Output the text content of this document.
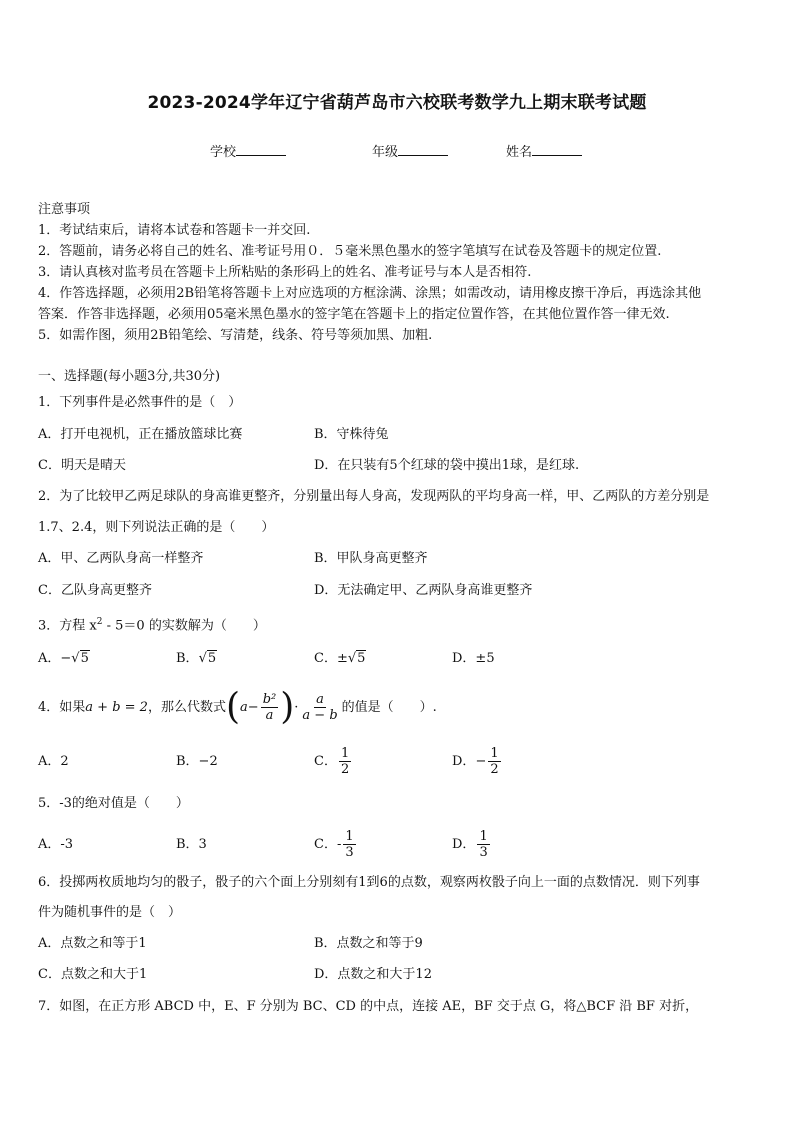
2023-2024学年辽宁省葫芦岛市六校联考数学九上期末联考试题
学校	年级	姓名
注意事项
1．考试结束后，请将本试卷和答题卡一并交回.
2．答题前，请务必将自己的姓名、准考证号用０．５毫米黑色墨水的签字笔填写在试卷及答题卡的规定位置.
3．请认真核对监考员在答题卡上所粘贴的条形码上的姓名、准考证号与本人是否相符.
4．作答选择题，必须用2B铅笔将答题卡上对应选项的方框涂满、涂黑；如需改动，请用橡皮擦干净后，再选涂其他
答案．作答非选择题，必须用05毫米黑色墨水的签字笔在答题卡上的指定位置作答，在其他位置作答一律无效.
5．如需作图，须用2B铅笔绘、写清楚，线条、符号等须加黑、加粗.
一、选择题(每小题3分,共30分)
1．下列事件是必然事件的是（　）
A．打开电视机，正在播放篮球比赛	B．守株待兔
C．明天是晴天	D．在只装有5个红球的袋中摸出1球，是红球.
2．为了比较甲乙两足球队的身高谁更整齐，分别量出每人身高，发现两队的平均身高一样，甲、乙两队的方差分别是
1.7、2.4，则下列说法正确的是（　　）
A．甲、乙两队身高一样整齐	B．甲队身高更整齐
C．乙队身高更整齐	D．无法确定甲、乙两队身高谁更整齐
3．方程 $x^2 - 5=0$ 的实数解为（　　）
A．−√5	B．√5	C．±√5	D．±5
4．如果a + b = 2，那么代数式($a- \frac{\text{b²}}{a}$ )· $\frac{a}{a - b}$ 的值是（　　）.
A．2	B．−2	C． $\frac{1}{2}$	D．− $\frac{1}{2}$
5．-3的绝对值是（　　）
A．-3	B．3	C．- $\frac{1}{3}$	D． $\frac{1}{3}$
6．投掷两枚质地均匀的骰子，骰子的六个面上分别刻有1到6的点数，观察两枚骰子向上一面的点数情况．则下列事
件为随机事件的是（　）
A．点数之和等于1	B．点数之和等于9
C．点数之和大于1	D．点数之和大于12
7．如图，在正方形 ABCD 中，E、F 分别为 BC、CD 的中点，连接 AE，BF 交于点 G，将△BCF 沿 BF 对折，
